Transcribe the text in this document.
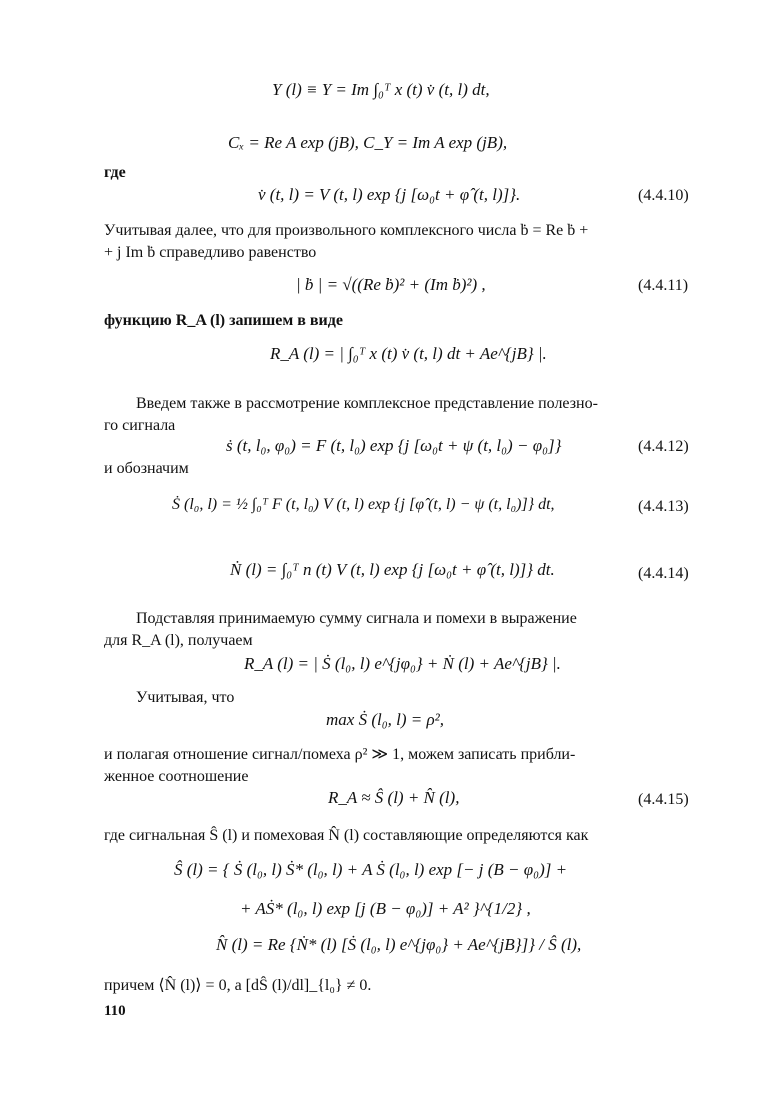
Y (l) ≡ Y = Im ∫₀ᵀ x (t) v̇ (t, l) dt,
Cₓ = Re A exp (jB), C_Y = Im A exp (jB),
где
v̇ (t, l) = V (t, l) exp {j [ω₀t + φ̂ (t, l)]}.	(4.4.10)
Учитывая далее, что для произвольного комплексного числа ḃ = Re ḃ +
+ j Im ḃ справедливо равенство
| ḃ | = √((Re ḃ)² + (Im ḃ)²) ,	(4.4.11)
функцию R_A (l) запишем в виде
R_A (l) = | ∫₀ᵀ x (t) v̇ (t, l) dt + Ae^{jB} |.
Введем также в рассмотрение комплексное представление полезно-
го сигнала
ṡ (t, l₀, φ₀) = F (t, l₀) exp {j [ω₀t + ψ (t, l₀) − φ₀]}	(4.4.12)
и обозначим
Ṡ (l₀, l) = ½ ∫₀ᵀ F (t, l₀) V (t, l) exp {j [φ̂ (t, l) − ψ (t, l₀)]} dt,	(4.4.13)
Ṅ (l) = ∫₀ᵀ n (t) V (t, l) exp {j [ω₀t + φ̂ (t, l)]} dt.	(4.4.14)
Подставляя принимаемую сумму сигнала и помехи в выражение
для R_A (l), получаем
R_A (l) = | Ṡ (l₀, l) e^{jφ₀} + Ṅ (l) + Ae^{jB} |.
Учитывая, что
max Ṡ (l₀, l) = ρ²,
и полагая отношение сигнал/помеха ρ² ≫ 1, можем записать прибли-
женное соотношение
R_A ≈ Ŝ (l) + N̂ (l),	(4.4.15)
где сигнальная Ŝ (l) и помеховая N̂ (l) составляющие определяются как
Ŝ (l) = { Ṡ (l₀, l) Ṡ* (l₀, l) + A Ṡ (l₀, l) exp [− j (B − φ₀)] +
+ AṠ* (l₀, l) exp [j (B − φ₀)] + A² }^{1/2} ,
N̂ (l) = Re {Ṅ* (l) [Ṡ (l₀, l) e^{jφ₀} + Ae^{jB}]} / Ŝ (l),
причем ⟨N̂ (l)⟩ = 0, а [dŜ (l)/dl]_{l₀} ≠ 0.
110
